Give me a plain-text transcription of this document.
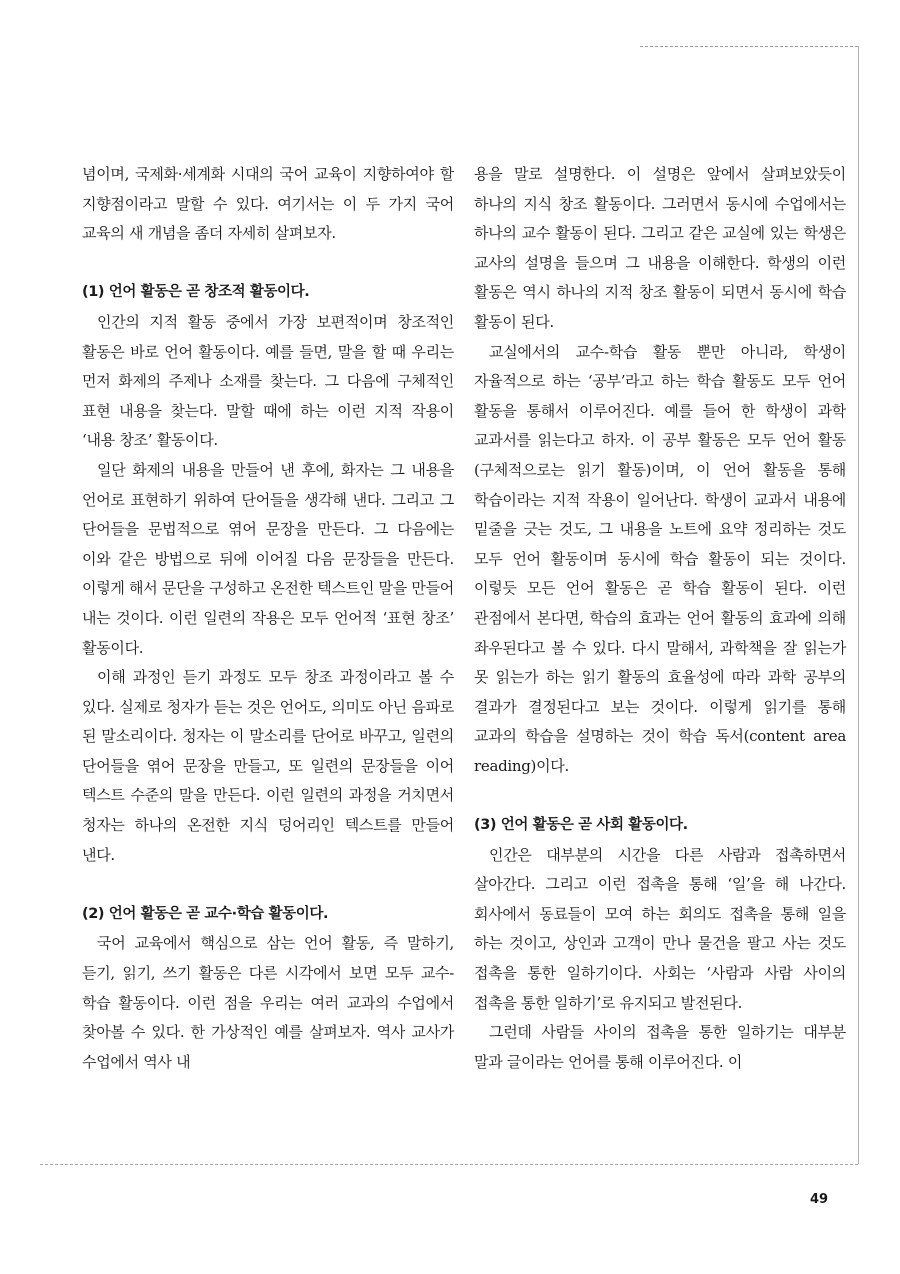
념이며, 국제화·세계화 시대의 국어 교육이 지향하여야 할 지향점이라고 말할 수 있다. 여기서는 이 두 가지 국어 교육의 새 개념을 좀더 자세히 살펴보자.

(1) 언어 활동은 곧 창조적 활동이다.

인간의 지적 활동 중에서 가장 보편적이며 창조적인 활동은 바로 언어 활동이다. 예를 들면, 말을 할 때 우리는 먼저 화제의 주제나 소재를 찾는다. 그 다음에 구체적인 표현 내용을 찾는다. 말할 때에 하는 이런 지적 작용이 ‘내용 창조’ 활동이다.

일단 화제의 내용을 만들어 낸 후에, 화자는 그 내용을 언어로 표현하기 위하여 단어들을 생각해 낸다. 그리고 그 단어들을 문법적으로 엮어 문장을 만든다. 그 다음에는 이와 같은 방법으로 뒤에 이어질 다음 문장들을 만든다. 이렇게 해서 문단을 구성하고 온전한 텍스트인 말을 만들어 내는 것이다. 이런 일련의 작용은 모두 언어적 ‘표현 창조’ 활동이다.

이해 과정인 듣기 과정도 모두 창조 과정이라고 볼 수 있다. 실제로 청자가 듣는 것은 언어도, 의미도 아닌 음파로 된 말소리이다. 청자는 이 말소리를 단어로 바꾸고, 일련의 단어들을 엮어 문장을 만들고, 또 일련의 문장들을 이어 텍스트 수준의 말을 만든다. 이런 일련의 과정을 거치면서 청자는 하나의 온전한 지식 덩어리인 텍스트를 만들어 낸다.

(2) 언어 활동은 곧 교수·학습 활동이다.

국어 교육에서 핵심으로 삼는 언어 활동, 즉 말하기, 듣기, 읽기, 쓰기 활동은 다른 시각에서 보면 모두 교수-학습 활동이다. 이런 점을 우리는 여러 교과의 수업에서 찾아볼 수 있다. 한 가상적인 예를 살펴보자. 역사 교사가 수업에서 역사 내

용을 말로 설명한다. 이 설명은 앞에서 살펴보았듯이 하나의 지식 창조 활동이다. 그러면서 동시에 수업에서는 하나의 교수 활동이 된다. 그리고 같은 교실에 있는 학생은 교사의 설명을 들으며 그 내용을 이해한다. 학생의 이런 활동은 역시 하나의 지적 창조 활동이 되면서 동시에 학습 활동이 된다.

교실에서의 교수-학습 활동 뿐만 아니라, 학생이 자율적으로 하는 ‘공부’라고 하는 학습 활동도 모두 언어 활동을 통해서 이루어진다. 예를 들어 한 학생이 과학 교과서를 읽는다고 하자. 이 공부 활동은 모두 언어 활동(구체적으로는 읽기 활동)이며, 이 언어 활동을 통해 학습이라는 지적 작용이 일어난다. 학생이 교과서 내용에 밑줄을 긋는 것도, 그 내용을 노트에 요약 정리하는 것도 모두 언어 활동이며 동시에 학습 활동이 되는 것이다. 이렇듯 모든 언어 활동은 곧 학습 활동이 된다. 이런 관점에서 본다면, 학습의 효과는 언어 활동의 효과에 의해 좌우된다고 볼 수 있다. 다시 말해서, 과학책을 잘 읽는가 못 읽는가 하는 읽기 활동의 효율성에 따라 과학 공부의 결과가 결정된다고 보는 것이다. 이렇게 읽기를 통해 교과의 학습을 설명하는 것이 학습 독서(content area reading)이다.

(3) 언어 활동은 곧 사회 활동이다.

인간은 대부분의 시간을 다른 사람과 접촉하면서 살아간다. 그리고 이런 접촉을 통해 ‘일’을 해 나간다. 회사에서 동료들이 모여 하는 회의도 접촉을 통해 일을 하는 것이고, 상인과 고객이 만나 물건을 팔고 사는 것도 접촉을 통한 일하기이다. 사회는 ‘사람과 사람 사이의 접촉을 통한 일하기’로 유지되고 발전된다.

그런데 사람들 사이의 접촉을 통한 일하기는 대부분 말과 글이라는 언어를 통해 이루어진다. 이

49
